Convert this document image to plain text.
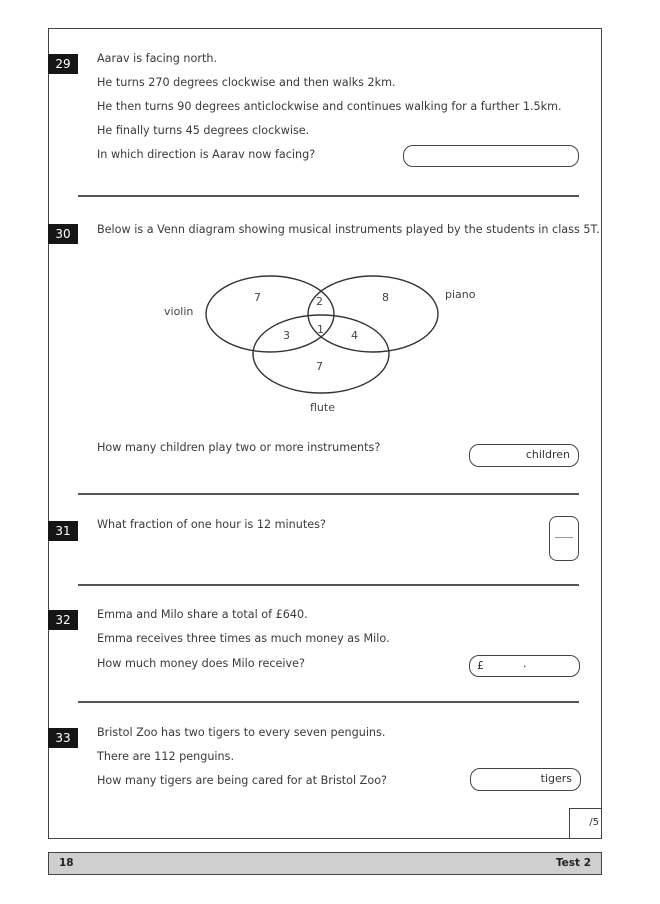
29	Aarav is facing north.
He turns 270 degrees clockwise and then walks 2km.
He then turns 90 degrees anticlockwise and continues walking for a further 1.5km.
He finally turns 45 degrees clockwise.
In which direction is Aarav now facing?
30	Below is a Venn diagram showing musical instruments played by the students in class 5T.
violin
piano
flute
7	2	8
3 1 4
7
How many children play two or more instruments?
children
31	What fraction of one hour is 12 minutes?
32	Emma and Milo share a total of £640.
Emma receives three times as much money as Milo.
How much money does Milo receive?	£	.
33	Bristol Zoo has two tigers to every seven penguins.
There are 112 penguins.
How many tigers are being cared for at Bristol Zoo?	tigers
/5
18	Test 2
